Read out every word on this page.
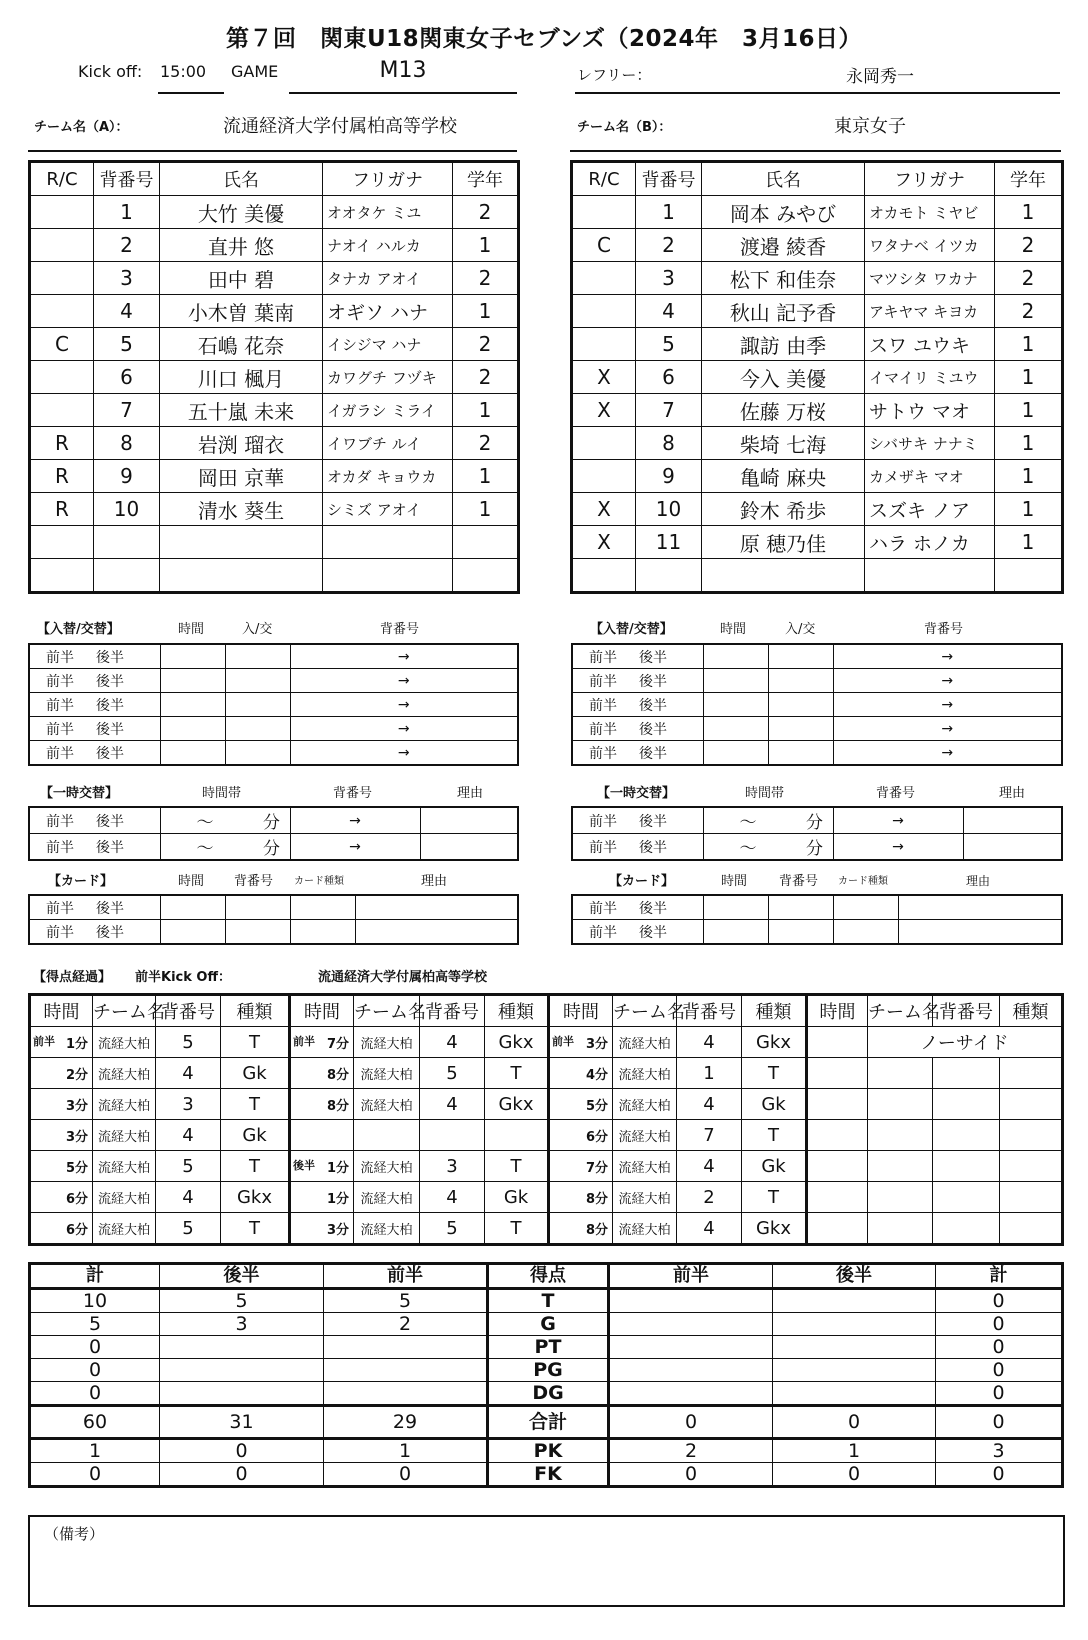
第７回　関東U18関東女子セブンズ（2024年　3月16日）
Kick off: 15:00 GAME	M13	レフリー：	永岡秀一
チーム名（A）：	流通経済大学付属柏高等学校	チーム名（B）：	東京女子
R/C	背番号	氏名	フリガナ	学年
	1	大竹 美優	オオタケ ミユ	2
	2	直井 悠	ナオイ ハルカ	1
	3	田中 碧	タナカ アオイ	2
	4	小木曽 葉南	オギソ ハナ	1
C	5	石嶋 花奈	イシジマ ハナ	2
	6	川口 楓月	カワグチ フヅキ	2
	7	五十嵐 未来	イガラシ ミライ	1
R	8	岩渕 瑠衣	イワブチ ルイ	2
R	9	岡田 京華	オカダ キョウカ	1
R	10	清水 葵生	シミズ アオイ	1

R/C	背番号	氏名	フリガナ	学年
	1	岡本 みやび	オカモト ミヤビ	1
C	2	渡邉 綾香	ワタナベ イツカ	2
	3	松下 和佳奈	マツシタ ワカナ	2
	4	秋山 記予香	アキヤマ キヨカ	2
	5	諏訪 由季	スワ ユウキ	1
X	6	今入 美優	イマイリ ミユウ	1
X	7	佐藤 万桜	サトウ マオ	1
	8	柴埼 七海	シバサキ ナナミ	1
	9	亀崎 麻央	カメザキ マオ	1
X	10	鈴木 希歩	スズキ ノア	1
X	11	原 穂乃佳	ハラ ホノカ	1

【入替/交替】	時間	入/交	背番号
前半 後半			→
前半 後半			→
前半 後半			→
前半 後半			→
前半 後半			→
【入替/交替】	時間	入/交	背番号
前半 後半			→
前半 後半			→
前半 後半			→
前半 後半			→
前半 後半			→
【一時交替】	時間帯	背番号	理由
前半 後半	～ 分	→	
前半 後半	～ 分	→	
【一時交替】	時間帯	背番号	理由
前半 後半	～ 分	→	
前半 後半	～ 分	→	
【カード】	時間 背番号 カード種類	理由
前半 後半				
前半 後半				
【カード】	時間 背番号 カード種類	理由
前半 後半				
前半 後半				
【得点経過】 前半Kick Off：	流通経済大学付属柏高等学校
時間	チーム名	背番号	種類	時間	チーム名	背番号	種類	時間	チーム名	背番号	種類	時間	チーム名	背番号	種類

前半 1分	流経大柏	5	T	前半 7分	流経大柏	4	Gkx	前半 3分	流経大柏	4	Gkx		ノーサイド		

2分	流経大柏	4	Gk	8分	流経大柏	5	T	4分	流経大柏	1	T				

3分	流経大柏	3	T	8分	流経大柏	4	Gkx	5分	流経大柏	4	Gk				

3分	流経大柏	4	Gk					6分	流経大柏	7	T				

5分	流経大柏	5	T	後半 1分	流経大柏	3	T	7分	流経大柏	4	Gk				

6分	流経大柏	4	Gkx	1分	流経大柏	4	Gk	8分	流経大柏	2	T				

6分	流経大柏	5	T	3分	流経大柏	5	T	8分	流経大柏	4	Gkx				
計	後半	前半	得点	前半	後半	計
10	5	5	T			0
5	3	2	G			0
0			PT			0
0			PG			0
0			DG			0
60	31	29	合計	0	0	0
1	0	1	PK	2	1	3
0	0	0	FK	0	0	0
（備考）
